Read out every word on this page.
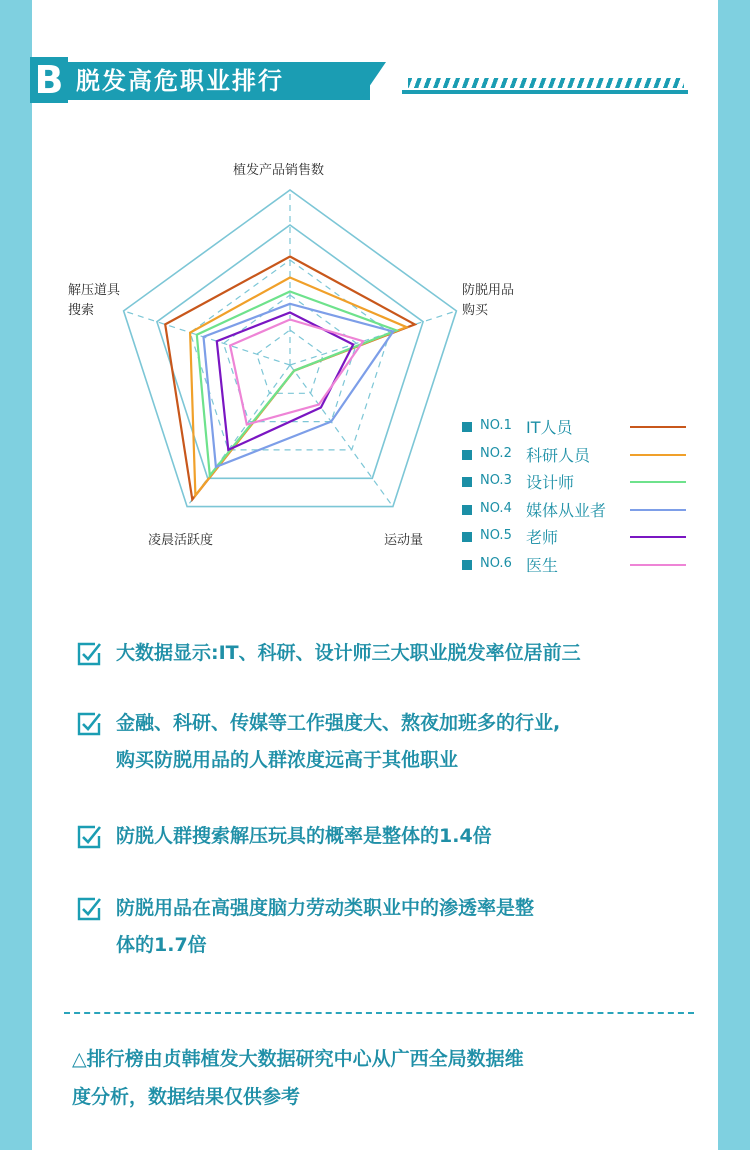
B 脱发高危职业排行
植发产品销售数
防脱用品
购买
运动量
凌晨活跃度
解压道具
搜索
NO.1 IT人员
NO.2 科研人员
NO.3 设计师
NO.4 媒体从业者
NO.5 老师
NO.6 医生
大数据显示:IT、科研、设计师三大职业脱发率位居前三
金融、科研、传媒等工作强度大、熬夜加班多的行业,
购买防脱用品的人群浓度远高于其他职业
防脱人群搜索解压玩具的概率是整体的1.4倍
防脱用品在高强度脑力劳动类职业中的渗透率是整
体的1.7倍
△排行榜由贞韩植发大数据研究中心从广西全局数据维
度分析，数据结果仅供参考
